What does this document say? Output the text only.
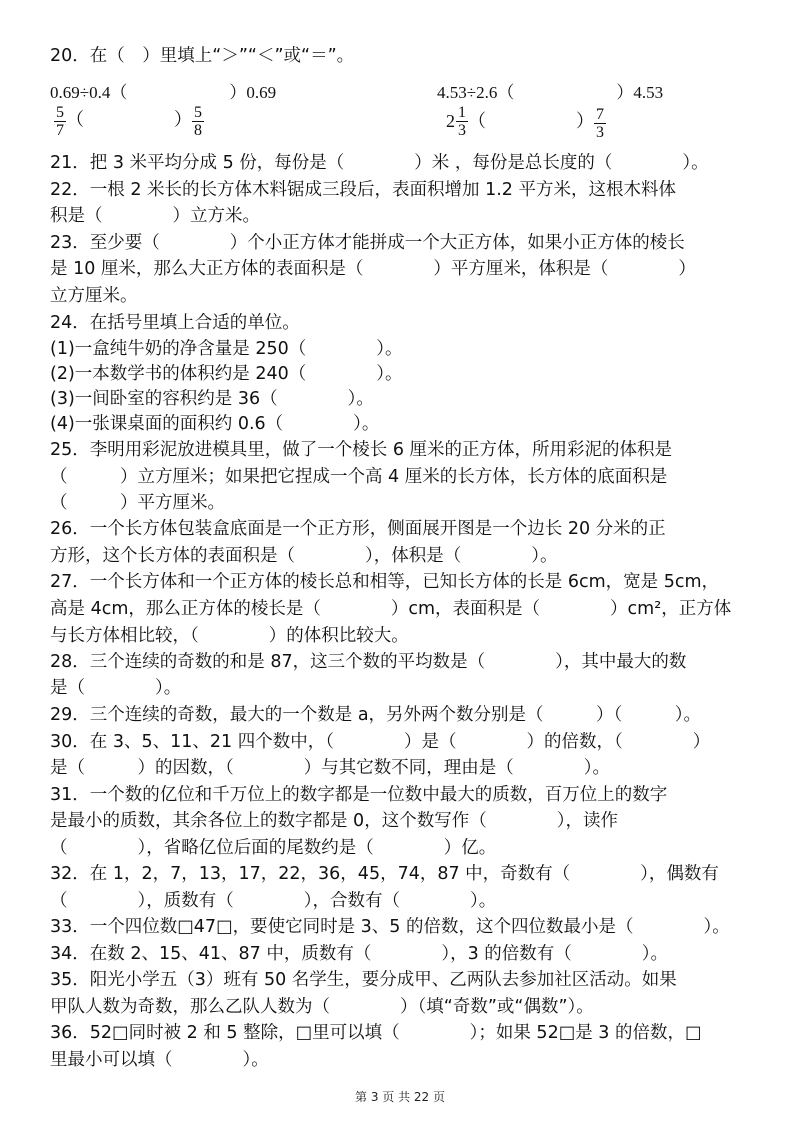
20．在（　）里填上“＞”“＜”或“＝”。
0.69÷0.4（　　　　　　）0.69	4.53÷2.6（　　　　　　）4.53
$\frac{5}{7}$ （　　　　　） $\frac{5}{8}$	$2 \frac{1}{3}$ （　　　　　） $\frac{7}{3}$
21．把 3 米平均分成 5 份，每份是（　　　　）米 ，每份是总长度的（　　　　）。
22．一根 2 米长的长方体木料锯成三段后，表面积增加 1.2 平方米，这根木料体
积是（　　　　）立方米。
23．至少要（　　　　）个小正方体才能拼成一个大正方体，如果小正方体的棱长
是 10 厘米，那么大正方体的表面积是（　　　　）平方厘米，体积是（　　　　）
立方厘米。
24．在括号里填上合适的单位。
(1)一盒纯牛奶的净含量是 250（　　　　）。
(2)一本数学书的体积约是 240（　　　　）。
(3)一间卧室的容积约是 36（　　　　）。
(4)一张课桌面的面积约 0.6（　　　　）。
25．李明用彩泥放进模具里，做了一个棱长 6 厘米的正方体，所用彩泥的体积是
（　　　）立方厘米；如果把它捏成一个高 4 厘米的长方体，长方体的底面积是
（　　　）平方厘米。
26．一个长方体包装盒底面是一个正方形，侧面展开图是一个边长 20 分米的正
方形，这个长方体的表面积是（　　　　），体积是（　　　　）。
27．一个长方体和一个正方体的棱长总和相等，已知长方体的长是 6cm，宽是 5cm，
高是 4cm，那么正方体的棱长是（　　　　）cm，表面积是（　　　　）cm²，正方体
与长方体相比较，（　　　　）的体积比较大。
28．三个连续的奇数的和是 87，这三个数的平均数是（　　　　），其中最大的数
是（　　　　）。
29．三个连续的奇数，最大的一个数是 a，另外两个数分别是（　　　）（　　　）。
30．在 3、5、11、21 四个数中，（　　　　）是（　　　　）的倍数，（　　　　）
是（　　　）的因数，（　　　　）与其它数不同，理由是（　　　　）。
31．一个数的亿位和千万位上的数字都是一位数中最大的质数，百万位上的数字
是最小的质数，其余各位上的数字都是 0，这个数写作（　　　　），读作
（　　　　），省略亿位后面的尾数约是（　　　　）亿。
32．在 1，2，7，13，17，22，36，45，74，87 中，奇数有（　　　　），偶数有
（　　　　），质数有（　　　　），合数有（　　　　）。
33．一个四位数□47□，要使它同时是 3、5 的倍数，这个四位数最小是（　　　　）。
34．在数 2、15、41、87 中，质数有（　　　　），3 的倍数有（　　　　）。
35．阳光小学五（3）班有 50 名学生，要分成甲、乙两队去参加社区活动。如果
甲队人数为奇数，那么乙队人数为（　　　　）（填“奇数”或“偶数”）。
36．52□同时被 2 和 5 整除，□里可以填（　　　　）；如果 52□是 3 的倍数，□
里最小可以填（　　　　）。
第 3 页 共 22 页
